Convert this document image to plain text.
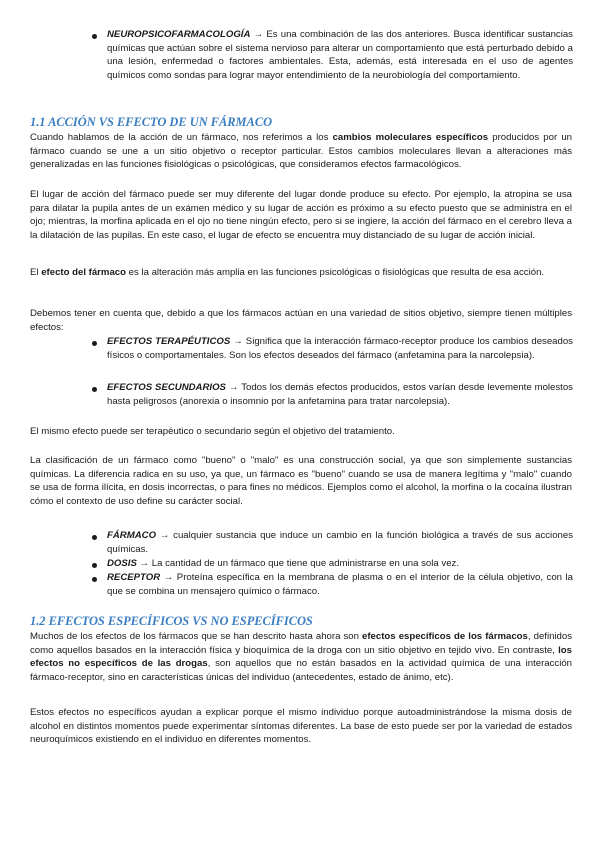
NEUROPSICOFARMACOLOGÍA → Es una combinación de las dos anteriores. Busca identificar sustancias químicas que actúan sobre el sistema nervioso para alterar un comportamiento que está perturbado debido a una lesión, enfermedad o factores ambientales. Esta, además, está interesada en el uso de agentes químicos como sondas para lograr mayor entendimiento de la neurobiología del comportamiento.

1.1 ACCIÓN VS EFECTO DE UN FÁRMACO

Cuando hablamos de la acción de un fármaco, nos referimos a los cambios moleculares específicos producidos por un fármaco cuando se une a un sitio objetivo o receptor particular. Estos cambios moleculares llevan a alteraciones más generalizadas en las funciones fisiológicas o psicológicas, que consideramos efectos farmacológicos.

El lugar de acción del fármaco puede ser muy diferente del lugar donde produce su efecto. Por ejemplo, la atropina se usa para dilatar la pupila antes de un exámen médico y su lugar de acción es próximo a su efecto puesto que se administra en el ojo; mientras, la morfina aplicada en el ojo no tiene ningún efecto, pero si se ingiere, la acción del fármaco en el cerebro lleva a la dilatación de las pupilas. En este caso, el lugar de efecto se encuentra muy distanciado de su lugar de acción inicial.

El efecto del fármaco es la alteración más amplia en las funciones psicológicas o fisiológicas que resulta de esa acción.

Debemos tener en cuenta que, debido a que los fármacos actúan en una variedad de sitios objetivo, siempre tienen múltiples efectos:

EFECTOS TERAPÉUTICOS → Significa que la interacción fármaco-receptor produce los cambios deseados físicos o comportamentales. Son los efectos deseados del fármaco (anfetamina para la narcolepsia).

EFECTOS SECUNDARIOS → Todos los demás efectos producidos, estos varían desde levemente molestos hasta peligrosos (anorexia o insomnio por la anfetamina para tratar narcolepsia).

El mismo efecto puede ser terapéutico o secundario según el objetivo del tratamiento.

La clasificación de un fármaco como "bueno" o "malo" es una construcción social, ya que son simplemente sustancias químicas. La diferencia radica en su uso, ya que, un fármaco es "bueno" cuando se usa de manera legítima y "malo" cuando se usa de forma ilícita, en dosis incorrectas, o para fines no médicos. Ejemplos como el alcohol, la morfina o la cocaína ilustran cómo el contexto de uso define su carácter social.

FÁRMACO → cualquier sustancia que induce un cambio en la función biológica a través de sus acciones químicas.

DOSIS → La cantidad de un fármaco que tiene que administrarse en una sola vez.

RECEPTOR → Proteína específica en la membrana de plasma o en el interior de la célula objetivo, con la que se combina un mensajero químico o fármaco.

1.2 EFECTOS ESPECÍFICOS VS NO ESPECÍFICOS

Muchos de los efectos de los fármacos que se han descrito hasta ahora son efectos específicos de los fármacos, definidos como aquellos basados en la interacción física y bioquímica de la droga con un sitio objetivo en tejido vivo. En contraste, los efectos no específicos de las drogas, son aquellos que no están basados en la actividad química de una interacción fármaco-receptor, sino en características únicas del individuo (antecedentes, estado de ánimo, etc).

Estos efectos no específicos ayudan a explicar porque el mismo individuo porque autoadministrándose la misma dosis de alcohol en distintos momentos puede experimentar síntomas diferentes. La base de esto puede ser por la variedad de estados neuroquímicos existiendo en el individuo en diferentes momentos.
